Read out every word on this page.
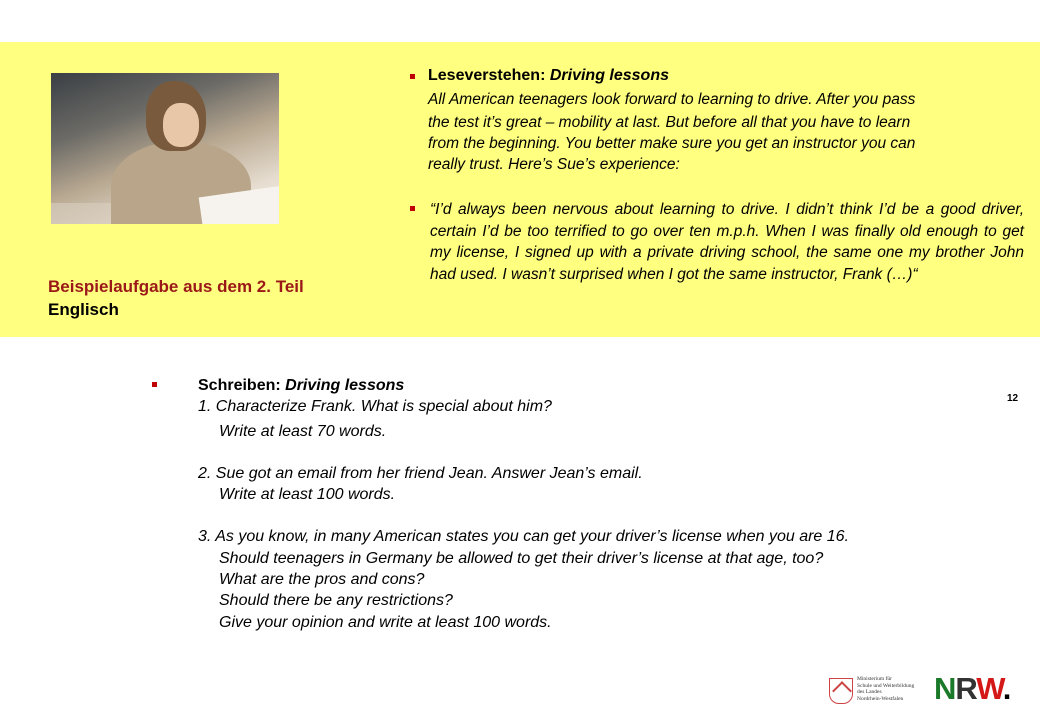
Beispielaufgabe aus dem 2. Teil
Englisch
Leseverstehen: Driving lessons
All American teenagers look forward to learning to drive. After you pass
the test it’s great – mobility at last. But before all that you have to learn
from the beginning. You better make sure you get an instructor you can
really trust. Here’s Sue’s experience:
“I’d always been nervous about learning to drive. I didn’t think I’d be a good driver, certain I’d be too terrified to go over ten m.p.h. When I was finally old enough to get my license, I signed up with a private driving school, the same one my brother John had used. I wasn’t surprised when I got the same instructor, Frank (…)“
Schreiben: Driving lessons
1. Characterize Frank. What is special about him?
Write at least 70 words.
2. Sue got an email from her friend Jean. Answer Jean’s email.
Write at least 100 words.
3. As you know, in many American states you can get your driver’s license when you are 16.
Should teenagers in Germany be allowed to get their driver’s license at that age, too?
What are the pros and cons?
Should there be any restrictions?
Give your opinion and write at least 100 words.
12
Ministerium für
Schule und Weiterbildung
des Landes
Nordrhein-Westfalen NRW.
